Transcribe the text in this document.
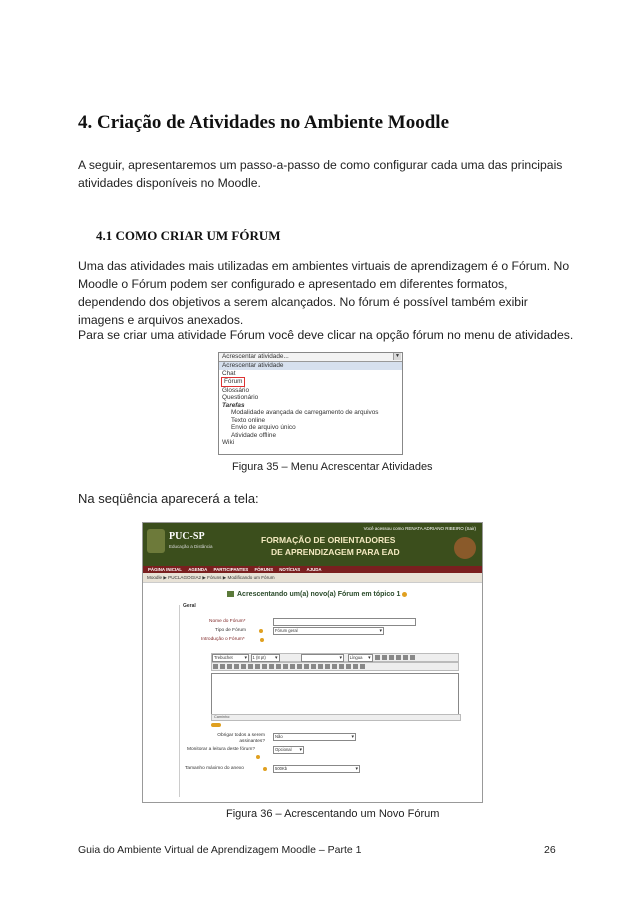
4. Criação de Atividades no Ambiente Moodle
A seguir, apresentaremos um passo-a-passo de como configurar cada uma das principais atividades disponíveis no Moodle.
4.1 COMO CRIAR UM FÓRUM
Uma das atividades mais utilizadas em ambientes virtuais de aprendizagem é o Fórum. No Moodle o Fórum podem ser configurado e apresentado em diferentes formatos, dependendo dos objetivos a serem alcançados. No fórum é possível também exibir imagens e arquivos anexados.
Para se criar uma atividade Fórum você deve clicar na opção fórum no menu de atividades.
Acrescentar atividade...	▼
Acrescentar atividade
Chat
Fórum
Glossário
Questionário
Tarefas
Modalidade avançada de carregamento de arquivos
Texto online
Envio de arquivo único
Atividade offline
Wiki
Figura 35 – Menu Acrescentar Atividades
Na seqüência aparecerá a tela:
PUC-SP
Educação a Distância
FORMAÇÃO DE ORIENTADORES
DE APRENDIZAGEM PARA EAD
Você acessou como RENATA ADRIANO RIBEIRO (Sair)
PÁGINA INICIAL AGENDA PARTICIPANTES FÓRUNS NOTÍCIAS AJUDA
Moodle ▶ PUCLAGOGIA2 ▶ Fóruns ▶ Modificando um Fórum
Acrescentando um(a) novo(a) Fórum em tópico 1
Geral
Nome do Fórum*
Tipo de Fórum	Fórum geral ▾
Introdução o Fórum*
Trebuchet ▾	1 (8 pt) ▾ ▾	Língua ▾
Caminho:
Obrigar todos a serem assinantes?
Não ▾
Monitorar a leitura deste fórum?	Opcional ▾
Tamanho máximo do anexo	500Kb ▾
Figura 36 – Acrescentando um Novo Fórum
Guia do Ambiente Virtual de Aprendizagem Moodle – Parte 1	26
